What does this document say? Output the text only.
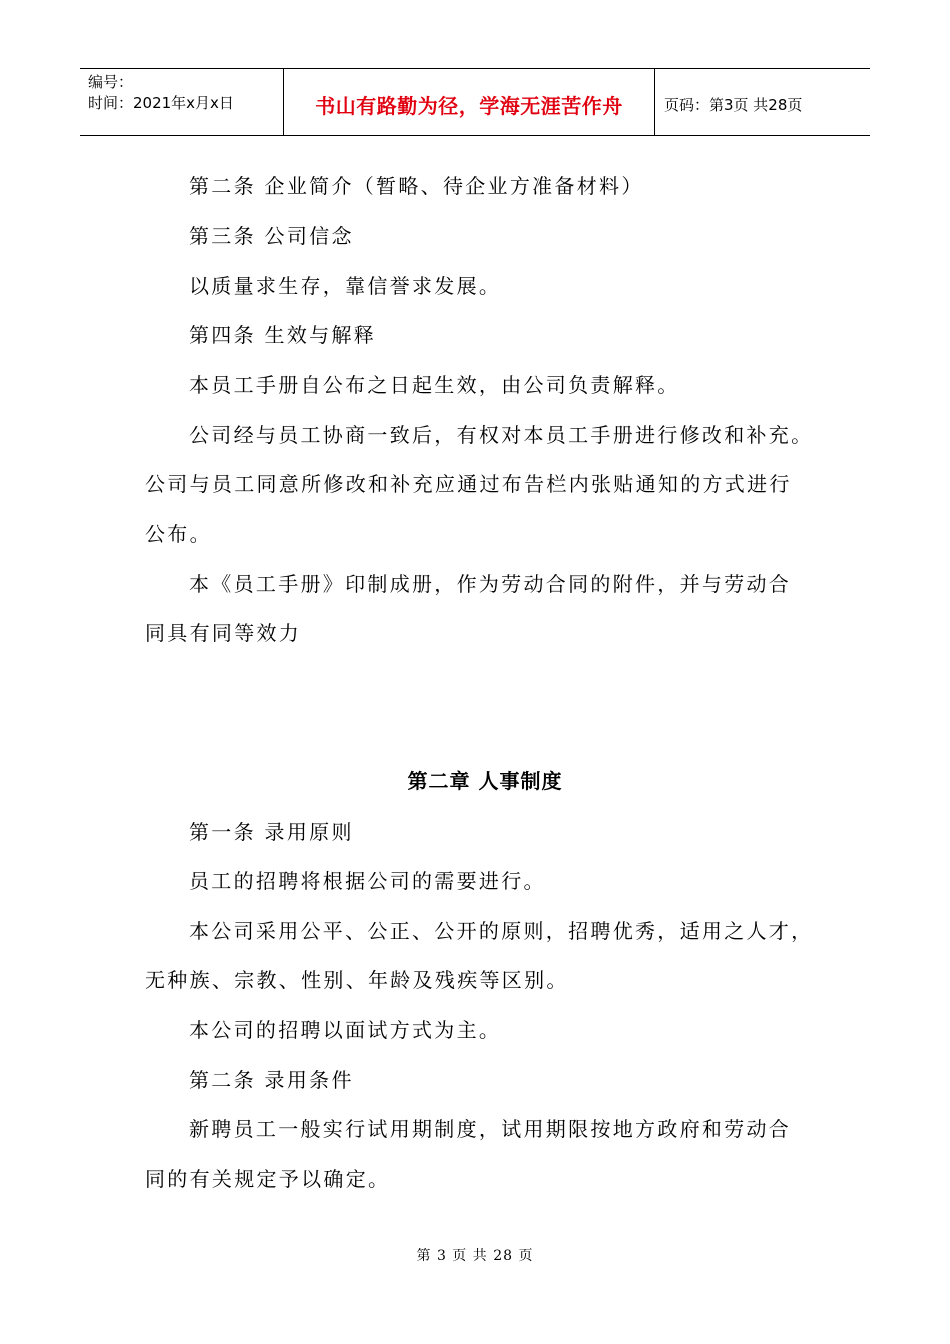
编号：
时间：2021年x月x日	书山有路勤为径，学海无涯苦作舟	页码：第3页 共28页
第二条 企业简介（暂略、待企业方准备材料）
第三条 公司信念
以质量求生存，靠信誉求发展。
第四条 生效与解释
本员工手册自公布之日起生效，由公司负责解释。
公司经与员工协商一致后，有权对本员工手册进行修改和补充。
公司与员工同意所修改和补充应通过布告栏内张贴通知的方式进行
公布。
本《员工手册》印制成册，作为劳动合同的附件，并与劳动合
同具有同等效力
第二章 人事制度
第一条 录用原则
员工的招聘将根据公司的需要进行。
本公司采用公平、公正、公开的原则，招聘优秀，适用之人才，
无种族、宗教、性别、年龄及残疾等区别。
本公司的招聘以面试方式为主。
第二条 录用条件
新聘员工一般实行试用期制度，试用期限按地方政府和劳动合
同的有关规定予以确定。
第 3 页 共 28 页
